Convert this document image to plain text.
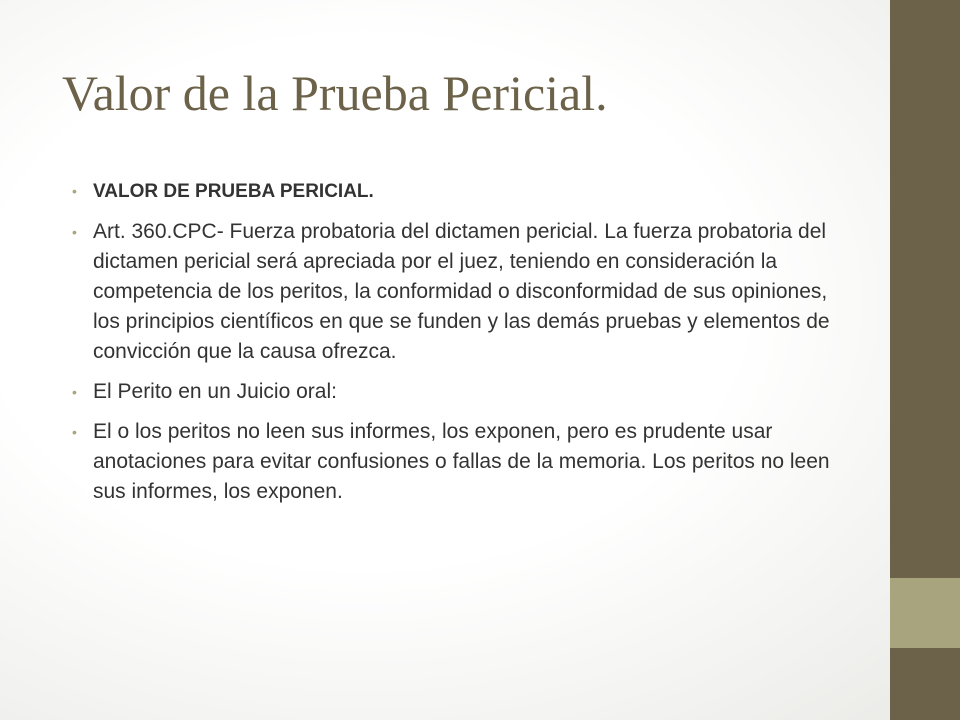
Valor de la Prueba Pericial.
• VALOR DE PRUEBA PERICIAL.
• Art. 360.CPC- Fuerza probatoria del dictamen pericial. La fuerza probatoria del dictamen pericial será apreciada por el juez, teniendo en consideración la competencia de los peritos, la conformidad o disconformidad de sus opiniones, los principios científicos en que se funden y las demás pruebas y elementos de convicción que la causa ofrezca.
• El Perito en un Juicio oral:
• El o los peritos no leen sus informes, los exponen, pero es prudente usar anotaciones para evitar confusiones o fallas de la memoria. Los peritos no leen sus informes, los exponen.
